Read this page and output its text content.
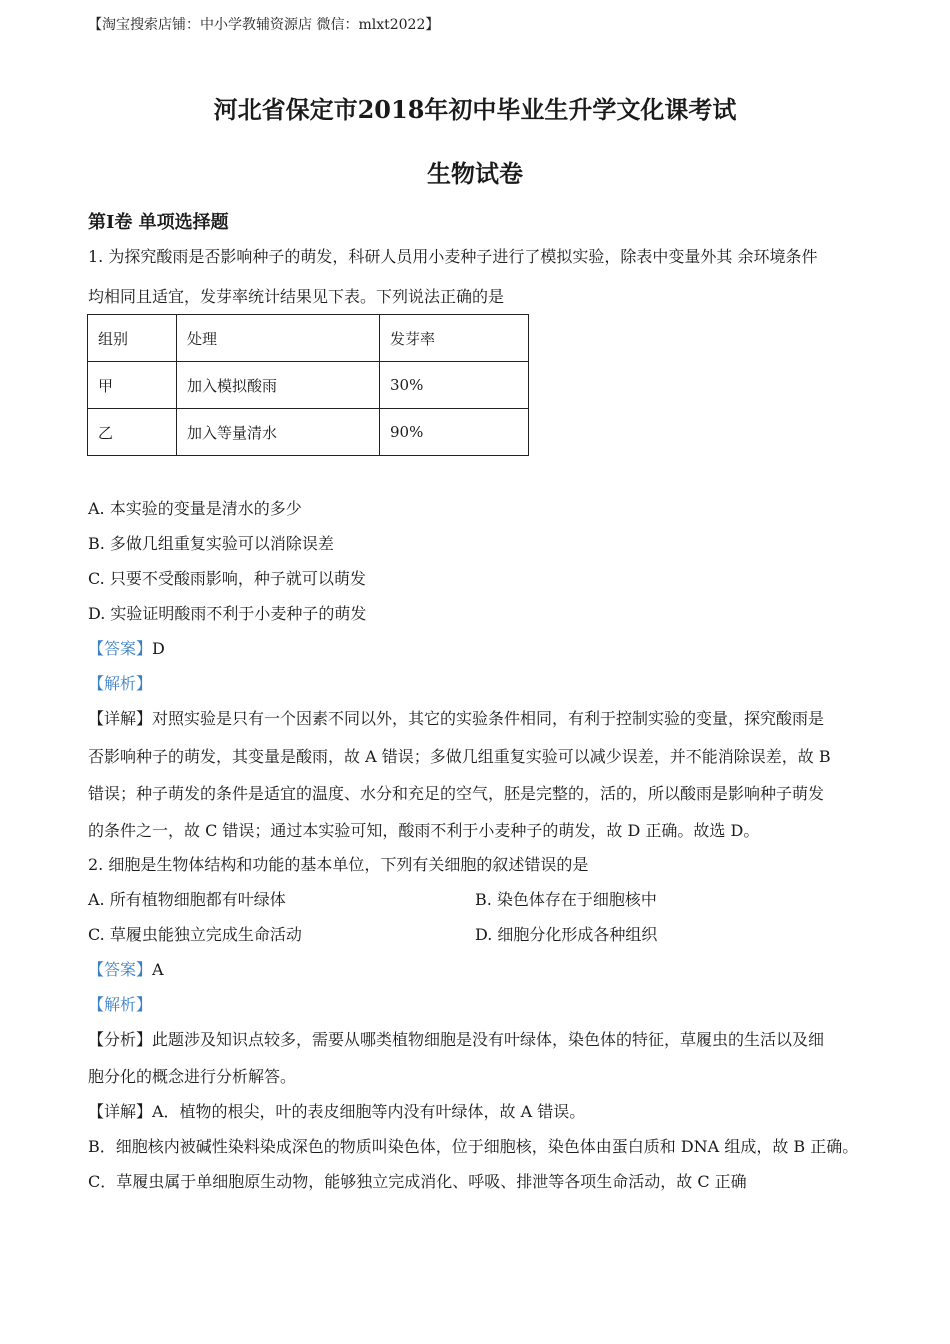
【淘宝搜索店铺：中小学教辅资源店 微信：mlxt2022】
河北省保定市2018年初中毕业生升学文化课考试
生物试卷
第Ⅰ卷 单项选择题
1. 为探究酸雨是否影响种子的萌发，科研人员用小麦种子进行了模拟实验，除表中变量外其 余环境条件
均相同且适宜，发芽率统计结果见下表。下列说法正确的是
组别	处理	发芽率
甲	加入模拟酸雨	30%
乙	加入等量清水	90%
A. 本实验的变量是清水的多少
B. 多做几组重复实验可以消除误差
C. 只要不受酸雨影响，种子就可以萌发
D. 实验证明酸雨不利于小麦种子的萌发
【答案】D
【解析】
【详解】对照实验是只有一个因素不同以外，其它的实验条件相同，有利于控制实验的变量，探究酸雨是
否影响种子的萌发，其变量是酸雨，故 A 错误；多做几组重复实验可以减少误差，并不能消除误差，故 B
错误；种子萌发的条件是适宜的温度、水分和充足的空气，胚是完整的，活的，所以酸雨是影响种子萌发
的条件之一，故 C 错误；通过本实验可知，酸雨不利于小麦种子的萌发，故 D 正确。故选 D。
2. 细胞是生物体结构和功能的基本单位，下列有关细胞的叙述错误的是
A. 所有植物细胞都有叶绿体	B. 染色体存在于细胞核中
C. 草履虫能独立完成生命活动	D. 细胞分化形成各种组织
【答案】A
【解析】
【分析】此题涉及知识点较多，需要从哪类植物细胞是没有叶绿体，染色体的特征，草履虫的生活以及细
胞分化的概念进行分析解答。
【详解】A．植物的根尖，叶的表皮细胞等内没有叶绿体，故 A 错误。
B．细胞核内被碱性染料染成深色的物质叫染色体，位于细胞核，染色体由蛋白质和 DNA 组成，故 B 正确。
C．草履虫属于单细胞原生动物，能够独立完成消化、呼吸、排泄等各项生命活动，故 C 正确
